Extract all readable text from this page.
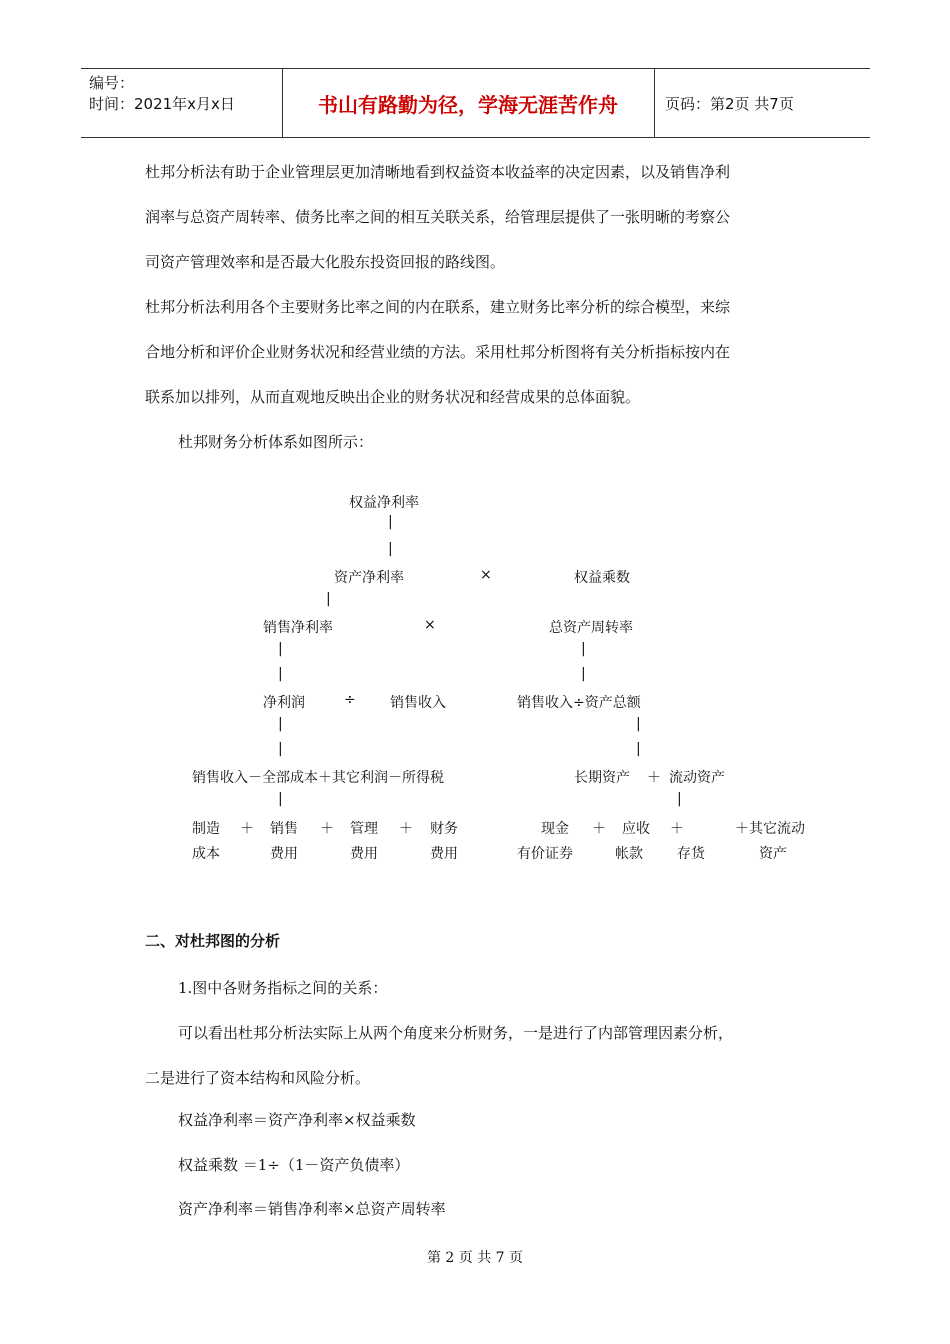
编号：
时间：2021年x月x日	书山有路勤为径，学海无涯苦作舟	页码：第2页 共7页
杜邦分析法有助于企业管理层更加清晰地看到权益资本收益率的决定因素，以及销售净利
润率与总资产周转率、债务比率之间的相互关联关系，给管理层提供了一张明晰的考察公
司资产管理效率和是否最大化股东投资回报的路线图。
杜邦分析法利用各个主要财务比率之间的内在联系，建立财务比率分析的综合模型，来综
合地分析和评价企业财务状况和经营业绩的方法。采用杜邦分析图将有关分析指标按内在
联系加以排列，从而直观地反映出企业的财务状况和经营成果的总体面貌。
杜邦财务分析体系如图所示：
权益净利率
|
|
资产净利率	×	权益乘数
|
销售净利率	×	总资产周转率
|
|
|
|
净利润	÷ 销售收入	销售收入÷资产总额
|
|
|
|
销售收入－全部成本＋其它利润－所得税	长期资产 ＋ 流动资产
|	|
制造
成本
＋ 销售
费用
＋ 管理
费用
＋ 财务
费用
现金
有价证券
＋ 应收
帐款
＋
存货
＋其它流动
资产
二、对杜邦图的分析
1.图中各财务指标之间的关系：
可以看出杜邦分析法实际上从两个角度来分析财务，一是进行了内部管理因素分析，
二是进行了资本结构和风险分析。
权益净利率＝资产净利率×权益乘数
权益乘数 ＝1÷（1－资产负债率）
资产净利率＝销售净利率×总资产周转率
第 2 页 共 7 页
